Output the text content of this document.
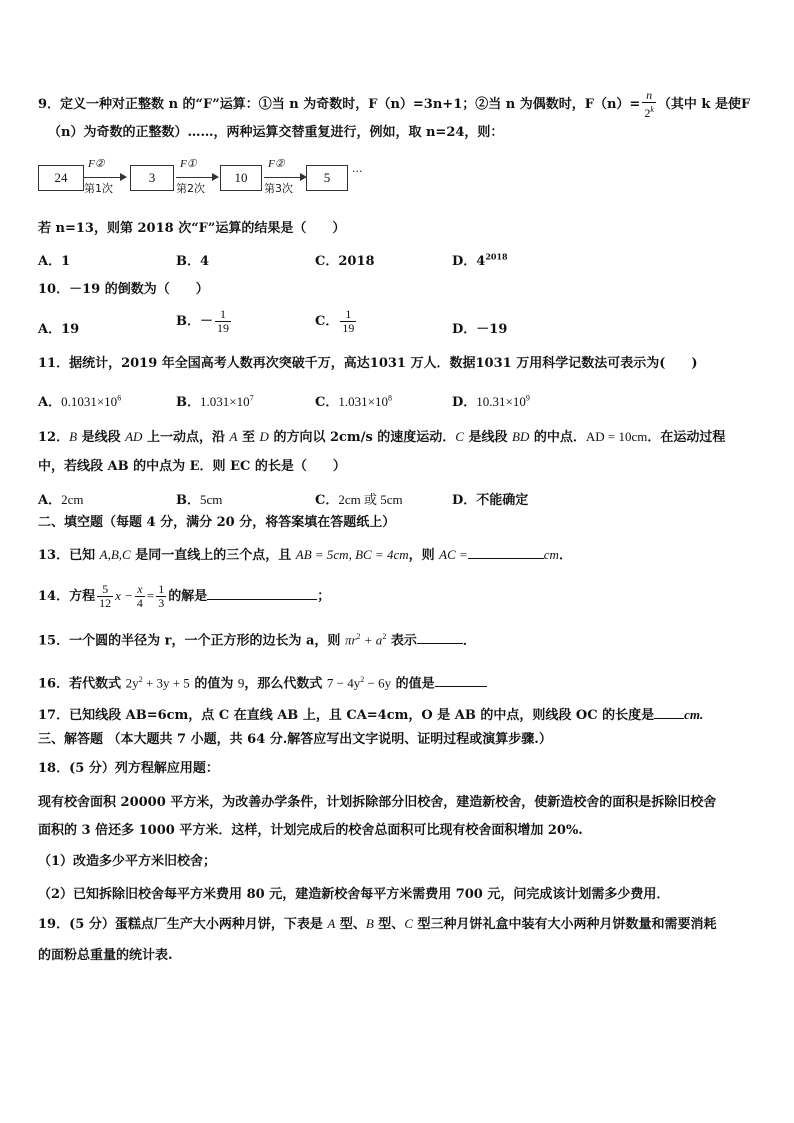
9．定义一种对正整数 n 的“F”运算：①当 n 为奇数时，F（n）=3n+1；②当 n 为偶数时，$F(n)= \frac{n}{2^k}$ （其中 k 是使F
（n）为奇数的正整数）……，两种运算交替重复进行，例如，取 n=24，则：
24
F②
第1次
3
F①
第2次
10
F②
第3次
5	···
若 n=13，则第 2018 次“F”运算的结果是（　　）
A．1	B．4	C．2018	D．$4^{2018}$
10．－19 的倒数为（　　）
A．19
B．－ $\frac{1}{19}$	C． $\frac{1}{19}$	D．－19
11．据统计，2019 年全国高考人数再次突破千万，高达1031 万人．数据1031 万用科学记数法可表示为(　　)
A．$0.1031\times 10^6$	B．$1.031\times 10^7$	C．$1.031\times 10^8$	D．$10.31\times 10^9$
12．B 是线段 AD 上一动点，沿 A 至 D 的方向以 2cm/s 的速度运动．C 是线段 BD 的中点．AD = 10cm．在运动过程
中，若线段 AB 的中点为 E．则 EC 的长是（　　）
A．2cm	B．5cm	C．2cm 或 5cm	D．不能确定
二、填空题（每题 4 分，满分 20 分，将答案填在答题纸上）
13．已知 A,B,C 是同一直线上的三个点，且 AB = 5cm, BC = 4cm，则 AC =	cm．
14．方程 $\frac{5}{12}$ $x - \frac{x}{4} = \frac{1}{3}$ 的解是	；
15．一个圆的半径为 r，一个正方形的边长为 a，则 $\pi r^2 + a^2$ 表示	．
16．若代数式 $2y^2 + 3y + 5$ 的值为 9，那么代数式 $7 - 4y^2 - 6y$ 的值是
17．已知线段 AB=6cm，点 C 在直线 AB 上，且 CA=4cm，O 是 AB 的中点，则线段 OC 的长度是 cm.
三、解答题 （本大题共 7 小题，共 64 分.解答应写出文字说明、证明过程或演算步骤.）
18．(5 分）列方程解应用题：
现有校舍面积 20000 平方米，为改善办学条件，计划拆除部分旧校舍，建造新校舍，使新造校舍的面积是拆除旧校舍
面积的 3 倍还多 1000 平方米．这样，计划完成后的校舍总面积可比现有校舍面积增加 20%.
（1）改造多少平方米旧校舍；
（2）已知拆除旧校舍每平方米费用 80 元，建造新校舍每平方米需费用 700 元，问完成该计划需多少费用．
19．(5 分）蛋糕点厂生产大小两种月饼，下表是 A 型、B 型、C 型三种月饼礼盒中装有大小两种月饼数量和需要消耗
的面粉总重量的统计表.
